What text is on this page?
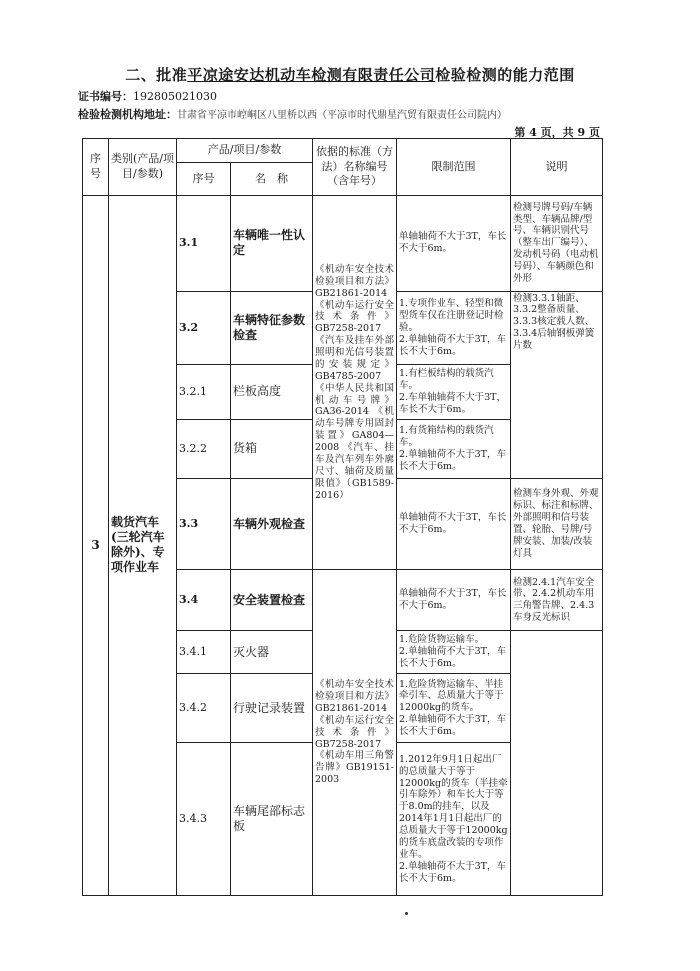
二、批准平凉途安达机动车检测有限责任公司检验检测的能力范围
证书编号：192805021030
检验检测机构地址：甘肃省平凉市崆峒区八里桥以西（平凉市时代鼎星汽贸有限责任公司院内）
第 4 页，共 9 页
序号	类别(产品/项目/参数)	产品/项目/参数		依据的标准（方法）名称编号（含年号）	限制范围	说明
		序号	名　称			
3	载货汽车(三轮汽车除外)、专项作业车	3.1	车辆唯一性认定	《机动车安全技术检验项目和方法》GB21861-2014 《机动车运行安全技术条件》GB7258-2017 《汽车及挂车外部照明和光信号装置的安装规定》GB4785-2007 《中华人民共和国机动车号牌》GA36-2014 《机动车号牌专用固封装置》GA804—2008 《汽车、挂车及汽车列车外廓尺寸、轴荷及质量限值》（GB1589-2016）	单轴轴荷不大于3T，车长不大于6m。	检测号牌号码/车辆类型、车辆品牌/型号、车辆识别代号（整车出厂编号）、发动机号码（电动机号码）、车辆颜色和外形
		3.2	车辆特征参数检查		1.专项作业车、轻型和微型货车仅在注册登记时检验。
2.单轴轴荷不大于3T，车长不大于6m。	检测3.3.1轴距、3.3.2整备质量、3.3.3核定载人数、3.3.4后轴钢板弹簧片数
		3.2.1	栏板高度		1.有栏板结构的载货汽车。
2.车单轴轴荷不大于3T，车长不大于6m。	

		3.2.2	货箱		1.有货箱结构的载货汽车。
2.单轴轴荷不大于3T，车长不大于6m。	

		3.3	车辆外观检查		单轴轴荷不大于3T，车长不大于6m。	检测车身外观、外观标识、标注和标牌、外部照明和信号装置、轮胎、号牌/号牌安装、加装/改装灯具
		3.4	安全装置检查	《机动车安全技术检验项目和方法》GB21861-2014 《机动车运行安全技术条件》GB7258-2017 《机动车用三角警告牌》GB19151-2003	单轴轴荷不大于3T，车长不大于6m。	检测2.4.1汽车安全带、2.4.2机动车用三角警告牌、2.4.3车身反光标识
		3.4.1	灭火器		1.危险货物运输车。
2.单轴轴荷不大于3T，车长不大于6m。	

		3.4.2	行驶记录装置		1.危险货物运输车、半挂牵引车、总质量大于等于12000kg的货车。
2.单轴轴荷不大于3T，车长不大于6m。	

		3.4.3	车辆尾部标志板		1.2012年9月1日起出厂的总质量大于等于12000kg的货车（半挂牵引车除外）和车长大于等于8.0m的挂车，以及2014年1月1日起出厂的总质量大于等于12000kg的货车底盘改装的专项作业车。
2.单轴轴荷不大于3T，车长不大于6m。	
